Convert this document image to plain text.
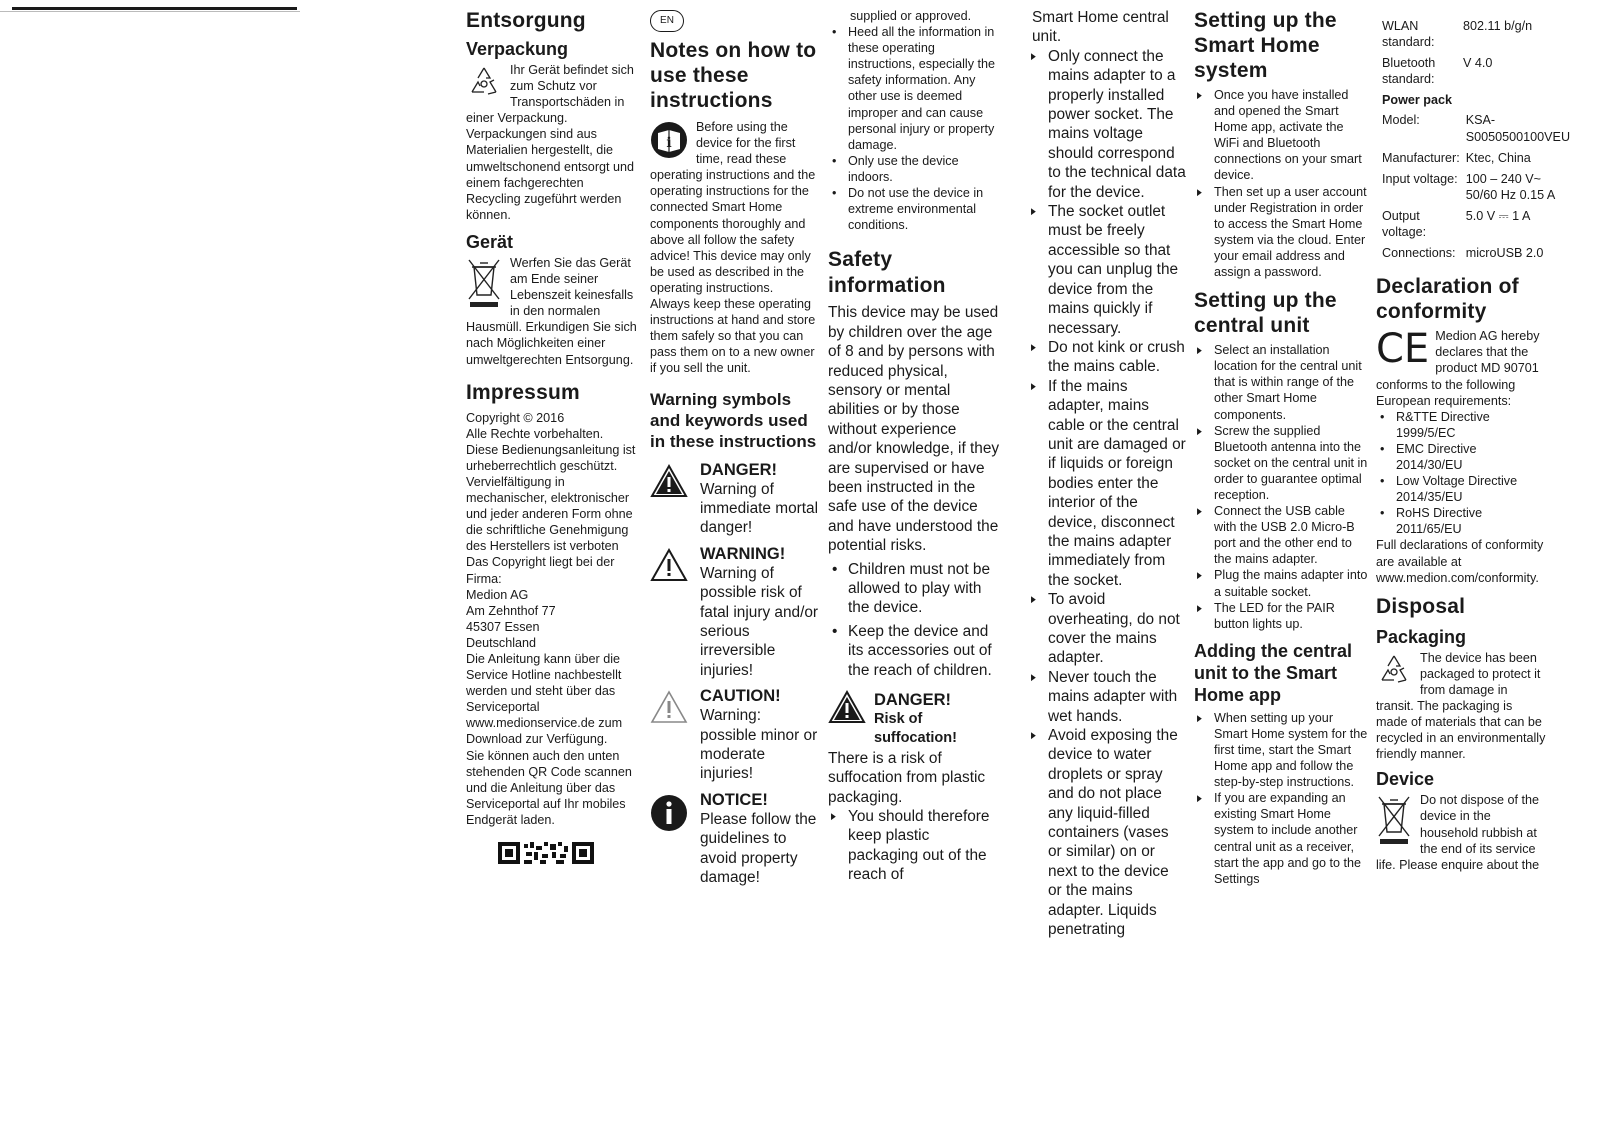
Entsorgung
Verpackung

Ihr Gerät befindet sich zum Schutz vor Transportschäden in einer Verpackung. Verpackungen sind aus Materialien hergestellt, die umweltschonend entsorgt und einem fachgerechten Recycling zugeführt werden können.

Gerät

Werfen Sie das Gerät am Ende seiner Lebenszeit keinesfalls in den normalen Hausmüll. Erkundigen Sie sich nach Möglichkeiten einer umweltgerechten Entsorgung.

Impressum

Copyright © 2016

Alle Rechte vorbehalten.

Diese Bedienungsanleitung ist urheberrechtlich geschützt.

Vervielfältigung in mechanischer, elektronischer und jeder anderen Form ohne die schriftliche Genehmigung des Herstellers ist verboten

Das Copyright liegt bei der Firma:

Medion AG

Am Zehnthof 77

45307 Essen

Deutschland

Die Anleitung kann über die Service Hotline nachbestellt werden und steht über das Serviceportal www.medionservice.de zum Download zur Verfügung.

Sie können auch den unten stehenden QR Code scannen und die Anleitung über das Serviceportal auf Ihr mobiles Endgerät laden.

EN
Notes on how to use these instructions
i

Before using the device for the first time, read these operating instructions and the operating instructions for the connected Smart Home components thoroughly and above all follow the safety advice! This device may only be used as described in the operating instructions.

Always keep these operating instructions at hand and store them safely so that you can pass them on to a new owner if you sell the unit.

Warning symbols and keywords used in these instructions
DANGER!
Warning of immediate mortal danger!
WARNING!
Warning of possible risk of fatal injury and/or serious irreversible injuries!
CAUTION!
Warning: possible minor or moderate injuries!
NOTICE!
Please follow the guidelines to avoid property damage!

supplied or approved.

• Heed all the information in these operating instructions, especially the safety information. Any other use is deemed improper and can cause personal injury or property damage.
• Only use the device indoors.
• Do not use the device in extreme environmental conditions.
Safety information

This device may be used by children over the age of 8 and by persons with reduced physical, sensory or mental abilities or by those without experience and/or knowledge, if they are supervised or have been instructed in the safe use of the device and have understood the potential risks.

• Children must not be allowed to play with the device.
• Keep the device and its accessories out of the reach of children.
DANGER!
Risk of suffocation!

There is a risk of suffocation from plastic packaging.

▶ You should therefore keep plastic packaging out of the reach of

Smart Home central unit.

▶ Only connect the mains adapter to a properly installed power socket. The mains voltage should correspond to the technical data for the device.
▶ The socket outlet must be freely accessible so that you can unplug the device from the mains quickly if necessary.
▶ Do not kink or crush the mains cable.
▶ If the mains adapter, mains cable or the central unit are damaged or if liquids or foreign bodies enter the interior of the device, disconnect the mains adapter immediately from the socket.
▶ To avoid overheating, do not cover the mains adapter.
▶ Never touch the mains adapter with wet hands.
▶ Avoid exposing the device to water droplets or spray and do not place any liquid-filled containers (vases or similar) on or next to the device or the mains adapter. Liquids penetrating
Setting up the Smart Home system
▶ Once you have installed and opened the Smart Home app, activate the WiFi and Bluetooth connections on your smart device.
▶ Then set up a user account under Registration in order to access the Smart Home system via the cloud. Enter your email address and assign a password.
Setting up the central unit
▶ Select an installation location for the central unit that is within range of the other Smart Home components.
▶ Screw the supplied Bluetooth antenna into the socket on the central unit in order to guarantee optimal reception.
▶ Connect the USB cable with the USB 2.0 Micro-B port and the other end to the mains adapter.
▶ Plug the mains adapter into a suitable socket.
▶ The LED for the PAIR button lights up.
Adding the central unit to the Smart Home app
▶ When setting up your Smart Home system for the first time, start the Smart Home app and follow the step-by-step instructions.
▶ If you are expanding an existing Smart Home system to include another central unit as a receiver, start the app and go to the Settings
WLAN standard:	802.11 b/g/n
Bluetooth standard:	V 4.0
Power pack
Model:	KSA-S0050500100VEU
Manufacturer:	Ktec, China
Input voltage:	100 – 240 V~ 50/60 Hz 0.15 A
Output voltage:	5.0 V ⎓ 1 A
Connections:	microUSB 2.0
Declaration of conformity
CE Medion AG hereby declares that the product MD 90701 conforms to the following European requirements:

• R&TTE Directive 1999/5/EC
• EMC Directive 2014/30/EU
• Low Voltage Directive 2014/35/EU
• RoHS Directive 2011/65/EU

Full declarations of conformity are available at www.medion.com/conformity.

Disposal
Packaging

The device has been packaged to protect it from damage in transit. The packaging is made of materials that can be recycled in an environmentally friendly manner.

Device

Do not dispose of the device in the household rubbish at the end of its service life. Please enquire about the
